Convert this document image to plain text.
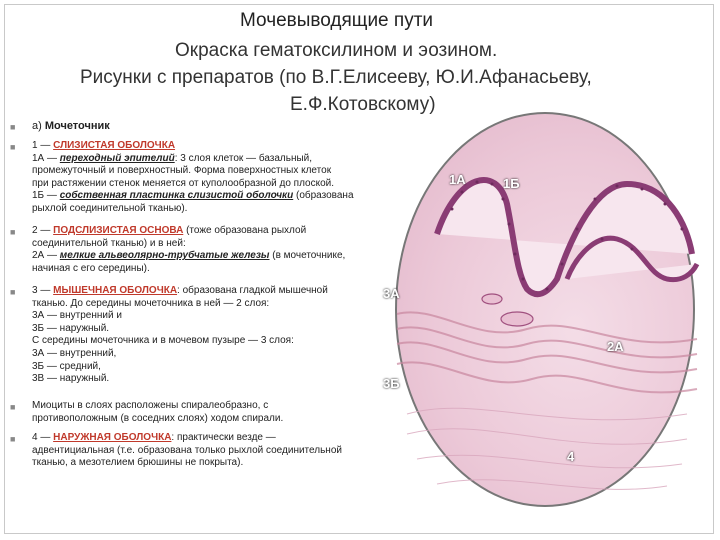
Мочевыводящие пути
Окраска гематоксилином и эозином.
Рисунки с препаратов (по В.Г.Елисееву, Ю.И.Афанасьеву,
Е.Ф.Котовскому)
■ а) Мочеточник
■ 1 — СЛИЗИСТАЯ ОБОЛОЧКА
1А — переходный эпителий: 3 слоя клеток — базальный,
промежуточный и поверхностный. Форма поверхностных клеток
при растяжении стенок меняется от куполообразной до плоской.
1Б — собственная пластинка слизистой оболочки (образована
рыхлой соединительной тканью).
■ 2 — ПОДСЛИЗИСТАЯ ОСНОВА (тоже образована рыхлой
соединительной тканью) и в ней:
2А — мелкие альвеолярно-трубчатые железы (в мочеточнике,
начиная с его середины).
■ 3 — МЫШЕЧНАЯ ОБОЛОЧКА: образована гладкой мышечной
тканью. До середины мочеточника в ней — 2 слоя:
3А — внутренний и
3Б — наружный.
С середины мочеточника и в мочевом пузыре — 3 слоя:
3А — внутренний,
3Б — средний,
3В — наружный.
■ Миоциты в слоях расположены спиралеобразно, с
противоположным (в соседних слоях) ходом спирали.
■ 4 — НАРУЖНАЯ ОБОЛОЧКА: практически везде —
адвентициальная (т.е. образована только рыхлой соединительной
тканью, а мезотелием брюшины не покрыта).
1А	1Б
3А
2А
3Б
4
